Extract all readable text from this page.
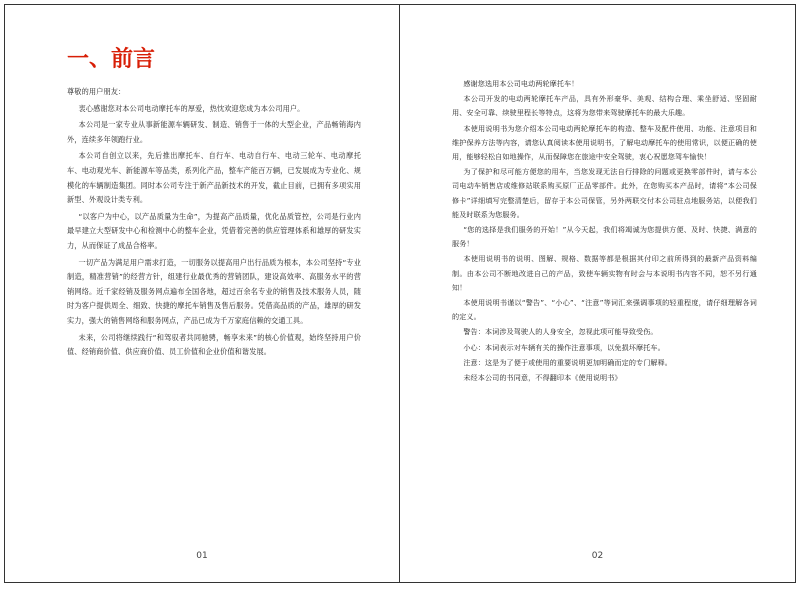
一、前言

尊敬的用户朋友：

衷心感谢您对本公司电动摩托车的厚爱，热忱欢迎您成为本公司用户。

本公司是一家专业从事新能源车辆研发、制造、销售于一体的大型企业，产品畅销海内外，连续多年领跑行业。

本公司自创立以来，先后推出摩托车、自行车、电动自行车、电动三轮车、电动摩托车、电动观光车、新能源车等品类，系列化产品，整车产能百万辆，已发展成为专业化、规模化的车辆制造集团。同时本公司专注于新产品新技术的开发，截止目前，已拥有多项实用新型、外观设计类专利。

“以客户为中心，以产品质量为生命”，为提高产品质量，优化品质管控，公司是行业内最早建立大型研发中心和检测中心的整车企业，凭借着完善的供应管理体系和雄厚的研发实力，从而保证了成品合格率。

一切产品为满足用户需求打造，一切服务以提高用户出行品质为根本，本公司坚持“专业制造，精准营销”的经营方针，组建行业最优秀的营销团队，建设高效率、高服务水平的营销网络。近千家经销及服务网点遍布全国各地，超过百余名专业的销售及技术服务人员，随时为客户提供周全、细致、快捷的摩托车销售及售后服务。凭借高品质的产品，雄厚的研发实力，强大的销售网络和服务网点，产品已成为千万家庭信赖的交通工具。

未来，公司将继续践行“和驾驭者共同驰骋，畅享未来”的核心价值观，始终坚持用户价值、经销商价值、供应商价值、员工价值和企业价值和谐发展。

01

感谢您选用本公司电动两轮摩托车！

本公司开发的电动两轮摩托车产品，具有外形豪华、美观、结构合理、乘坐舒适、坚固耐用、安全可靠、续驶里程长等特点，这将为您带来驾驶摩托车的最大乐趣。

本使用说明书为您介绍本公司电动两轮摩托车的构造、整车及配件使用、功能、注意项目和维护保养方法等内容，请您认真阅读本使用说明书，了解电动摩托车的使用常识，以便正确的使用，能够轻松自如地操作，从而保障您在旅途中安全驾驶，衷心祝愿您驾车愉快！

为了保护和尽可能方便您的用车，当您发现无法自行排除的问题或更换零部件时，请与本公司电动车销售店或维修站联系购买原厂正品零部件。此外，在您购买本产品时，请将“本公司保修卡”详细填写完整清楚后，留存于本公司保管，另外两联交付本公司驻点地服务站，以便我们能及时联系为您服务。

“您的选择是我们服务的开始！”从今天起，我们将竭诚为您提供方便、及时、快捷、满意的服务！

本使用说明书的说明、图解、规格、数据等都是根据其付印之前所得到的最新产品资料编制。由本公司不断地改进自己的产品，致使车辆实物有时会与本说明书内容不同，恕不另行通知！

本使用说明书谨以“警告”、“小心”、“注意”等词汇来强调事项的轻重程度，请仔细理解各词的定义。

警告：本词涉及驾驶人的人身安全，忽视此项可能导致受伤。

小心：本词表示对车辆有关的操作注意事项，以免损坏摩托车。

注意：这是为了便于或使用的重要说明更加明确而定的专门解释。

未经本公司的书同意，不得翻印本《使用说明书》

02
